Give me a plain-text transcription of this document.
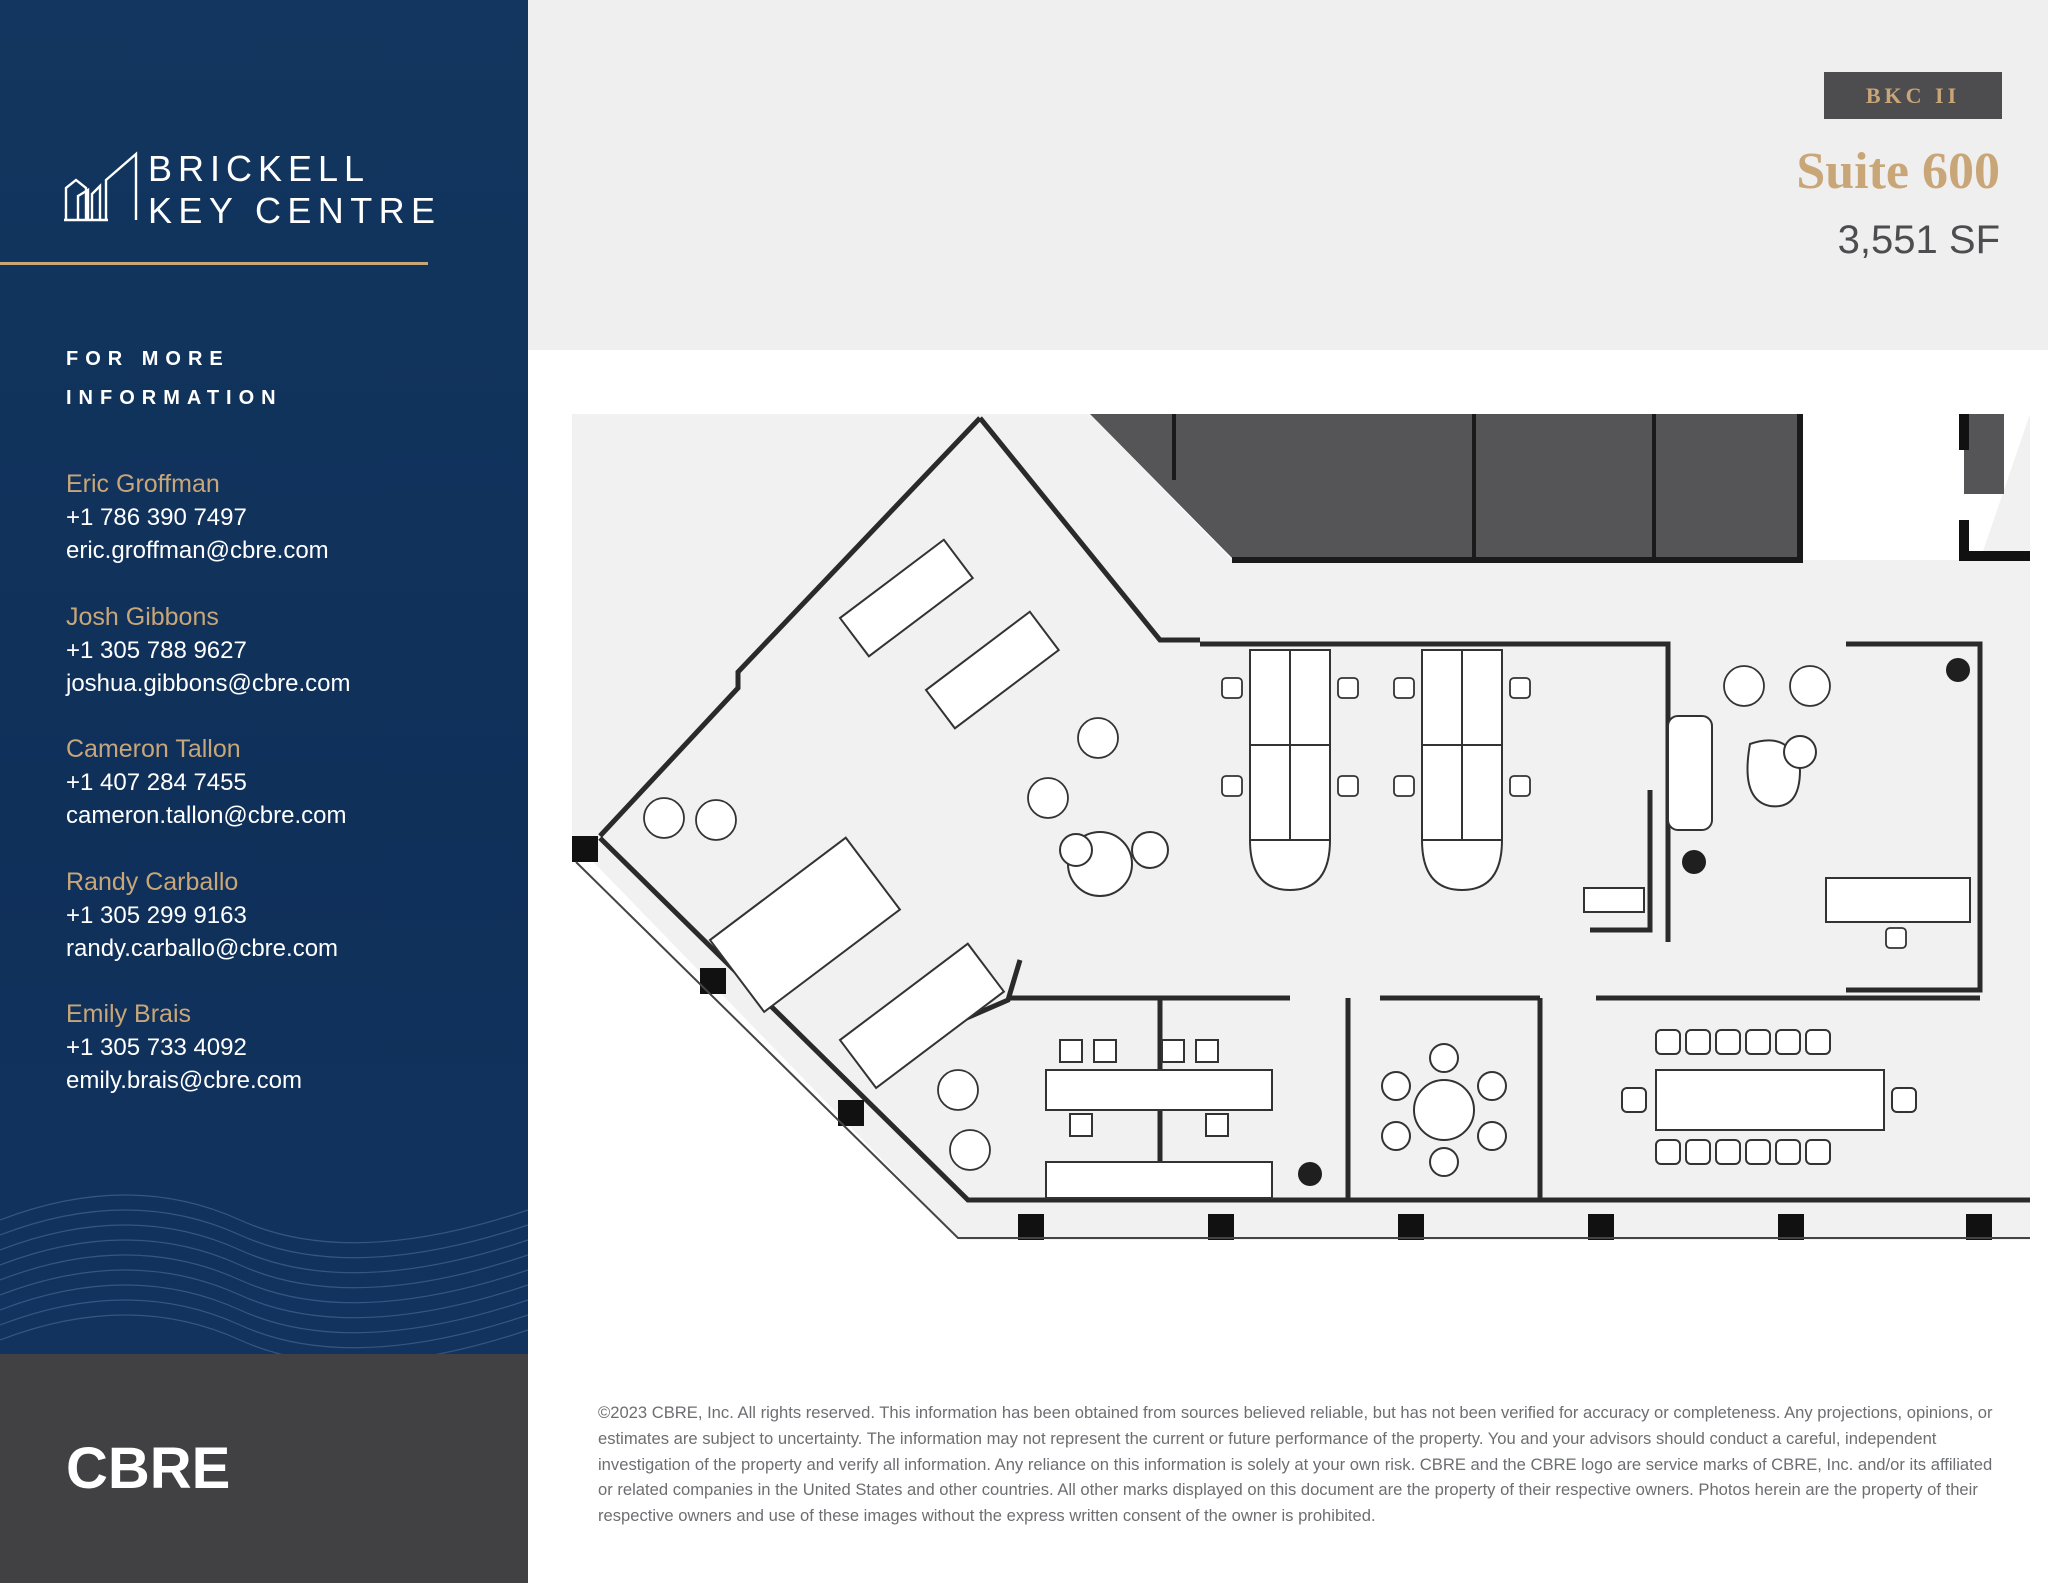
BRICKELL
KEY CENTRE
FOR MORE INFORMATION
Eric Groffman
+1 786 390 7497
eric.groffman@cbre.com
Josh Gibbons
+1 305 788 9627
joshua.gibbons@cbre.com
Cameron Tallon
+1 407 284 7455
cameron.tallon@cbre.com
Randy Carballo
+1 305 299 9163
randy.carballo@cbre.com
Emily Brais
+1 305 733 4092
emily.brais@cbre.com
CBRE
BKC II
Suite 600
3,551 SF
©2023 CBRE, Inc. All rights reserved. This information has been obtained from sources believed reliable, but has not been verified for accuracy or completeness. Any projections, opinions, or estimates are subject to uncertainty. The information may not represent the current or future performance of the property. You and your advisors should conduct a careful, independent investigation of the property and verify all information. Any reliance on this information is solely at your own risk. CBRE and the CBRE logo are service marks of CBRE, Inc. and/or its affiliated or related companies in the United States and other countries. All other marks displayed on this document are the property of their respective owners. Photos herein are the property of their respective owners and use of these images without the express written consent of the owner is prohibited.
